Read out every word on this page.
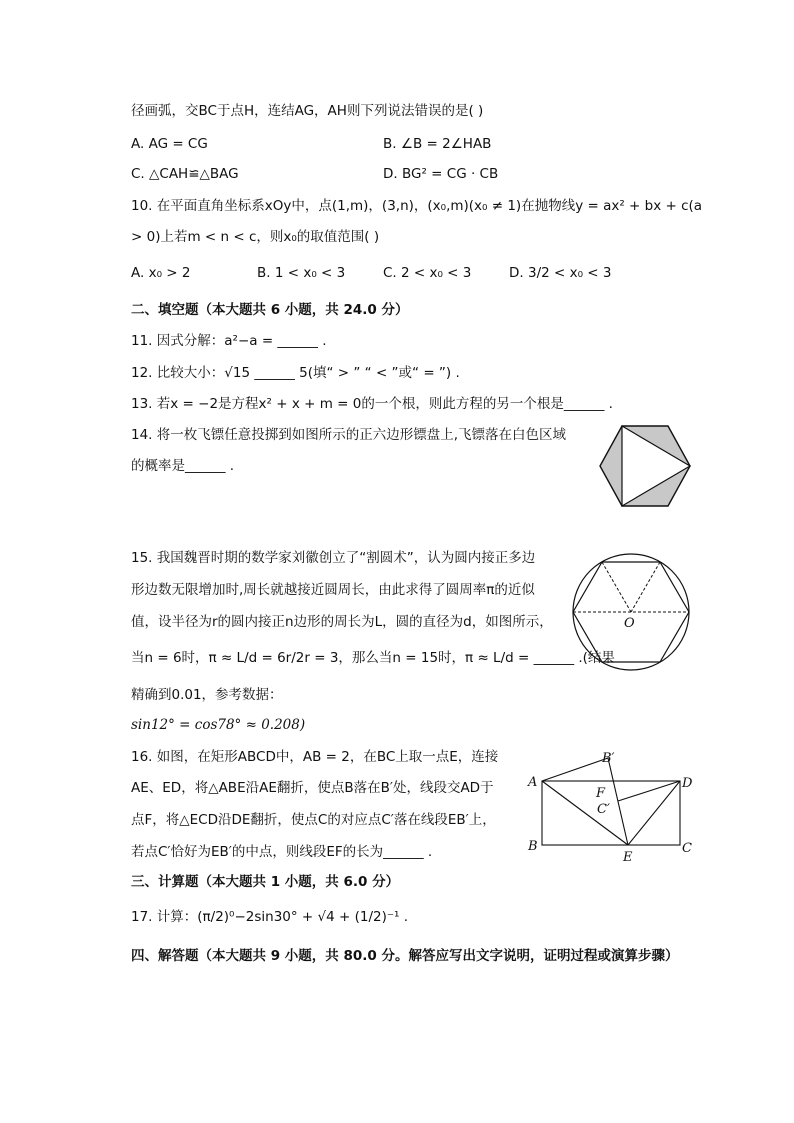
径画弧，交BC于点H，连结AG，AH则下列说法错误的是( )
A. AG = CG	B. ∠B = 2∠HAB
C. △CAH≌△BAG	D. BG² = CG · CB
10. 在平面直角坐标系xOy中，点(1,m)，(3,n)，(x₀,m)(x₀ ≠ 1)在抛物线y = ax² + bx + c(a
> 0)上若m < n < c，则x₀的取值范围( )
A. x₀ > 2	B. 1 < x₀ < 3	C. 2 < x₀ < 3	D. 3/2 < x₀ < 3
二、填空题（本大题共 6 小题，共 24.0 分）
11. 因式分解：a²−a = ______ .
12. 比较大小：√15 ______ 5(填“ > ” “ < ”或“ = ”) .
13. 若x = −2是方程x² + x + m = 0的一个根，则此方程的另一个根是______ .
14. 将一枚飞镖任意投掷到如图所示的正六边形镖盘上,飞镖落在白色区域
的概率是______ .
15. 我国魏晋时期的数学家刘徽创立了“割圆术”，认为圆内接正多边
形边数无限增加时,周长就越接近圆周长，由此求得了圆周率π的近似
值，设半径为r的圆内接正n边形的周长为L，圆的直径为d，如图所示，
当n = 6时，π ≈ L/d = 6r/2r = 3，那么当n = 15时，π ≈ L/d = ______ .(结果
精确到0.01，参考数据：
sin12° = cos78° ≈ 0.208)
O
16. 如图，在矩形ABCD中，AB = 2，在BC上取一点E，连接
AE、ED，将△ABE沿AE翻折，使点B落在B′处，线段交AD于
点F，将△ECD沿DE翻折，使点C的对应点C′落在线段EB′上，
若点C′恰好为EB′的中点，则线段EF的长为______ .
A	D
B	C
E
B′
F
C′
三、计算题（本大题共 1 小题，共 6.0 分）
17. 计算：(π/2)⁰−2sin30° + √4 + (1/2)⁻¹ .
四、解答题（本大题共 9 小题，共 80.0 分。解答应写出文字说明，证明过程或演算步骤）
